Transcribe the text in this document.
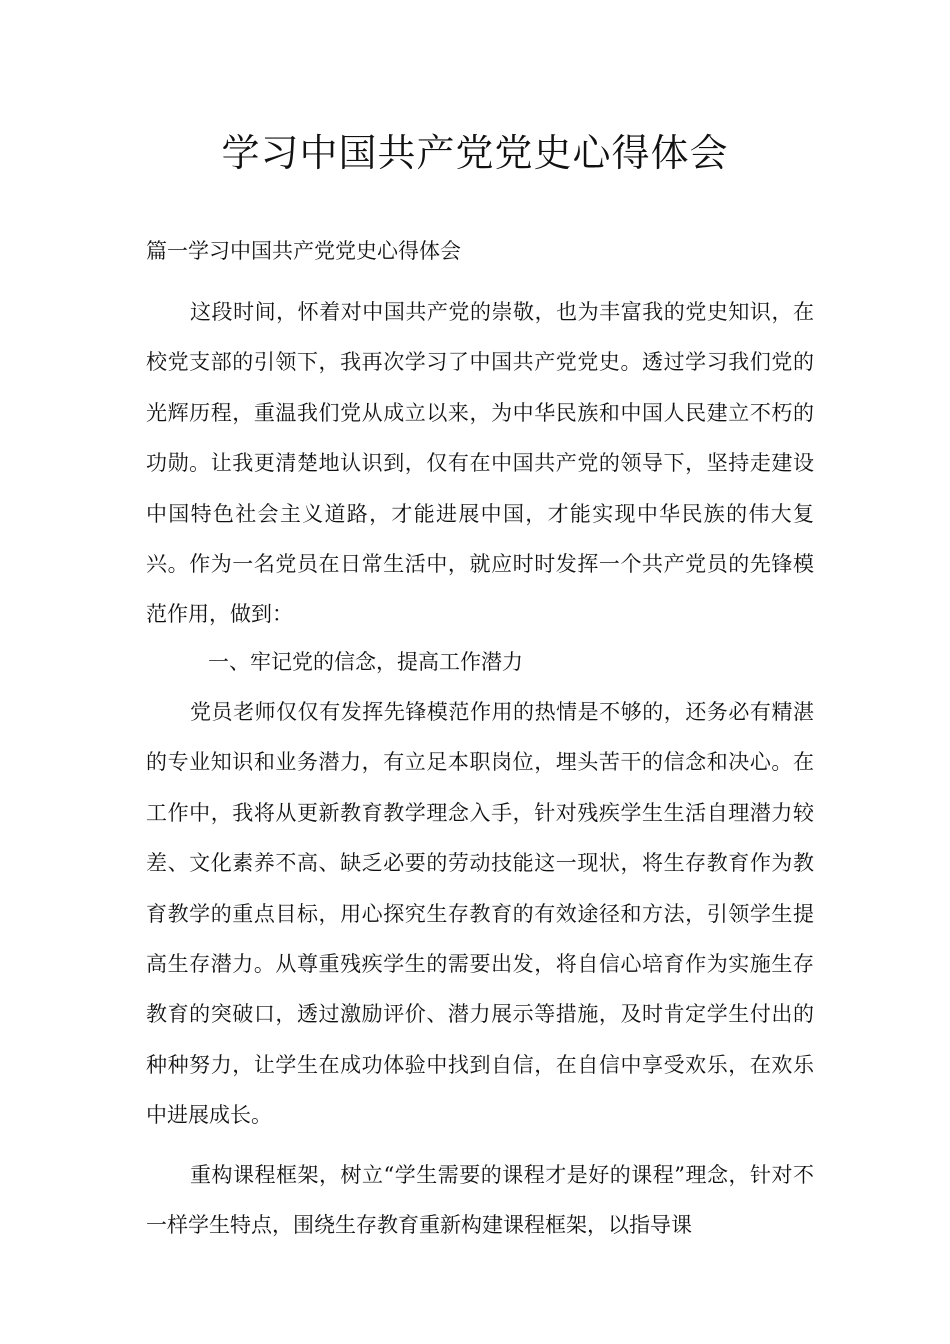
学习中国共产党党史心得体会

篇一学习中国共产党党史心得体会

这段时间，怀着对中国共产党的崇敬，也为丰富我的党史知识，在校党支部的引领下，我再次学习了中国共产党党史。透过学习我们党的光辉历程，重温我们党从成立以来，为中华民族和中国人民建立不朽的功勋。让我更清楚地认识到，仅有在中国共产党的领导下，坚持走建设中国特色社会主义道路，才能进展中国，才能实现中华民族的伟大复兴。作为一名党员在日常生活中，就应时时发挥一个共产党员的先锋模范作用，做到：

一、牢记党的信念，提高工作潜力

党员老师仅仅有发挥先锋模范作用的热情是不够的，还务必有精湛的专业知识和业务潜力，有立足本职岗位，埋头苦干的信念和决心。在工作中，我将从更新教育教学理念入手，针对残疾学生生活自理潜力较差、文化素养不高、缺乏必要的劳动技能这一现状，将生存教育作为教育教学的重点目标，用心探究生存教育的有效途径和方法，引领学生提高生存潜力。从尊重残疾学生的需要出发，将自信心培育作为实施生存教育的突破口，透过激励评价、潜力展示等措施，及时肯定学生付出的种种努力，让学生在成功体验中找到自信，在自信中享受欢乐，在欢乐中进展成长。

重构课程框架，树立“学生需要的课程才是好的课程”理念，针对不一样学生特点，围绕生存教育重新构建课程框架，以指导课
